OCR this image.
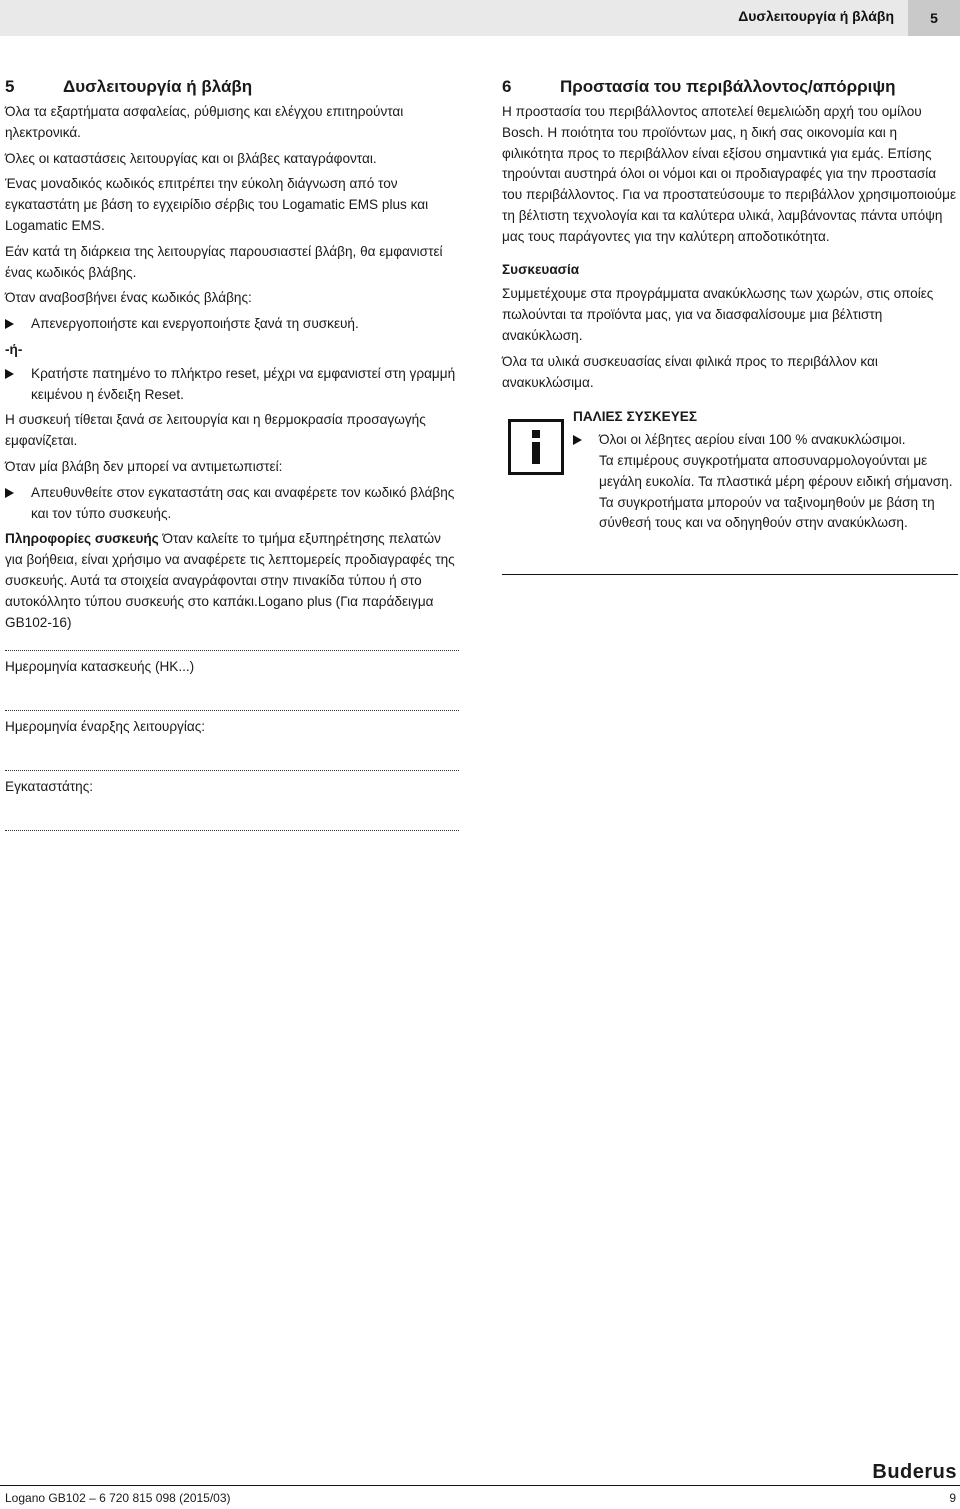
Δυσλειτουργία ή βλάβη	5
5	Δυσλειτουργία ή βλάβη

Όλα τα εξαρτήματα ασφαλείας, ρύθμισης και ελέγχου επιτηρούνται ηλεκτρονικά.

Όλες οι καταστάσεις λειτουργίας και οι βλάβες καταγράφονται.

Ένας μοναδικός κωδικός επιτρέπει την εύκολη διάγνωση από τον εγκαταστάτη με βάση το εγχειρίδιο σέρβις του Logamatic EMS plus και Logamatic EMS.

Εάν κατά τη διάρκεια της λειτουργίας παρουσιαστεί βλάβη, θα εμφανιστεί ένας κωδικός βλάβης.

Όταν αναβοσβήνει ένας κωδικός βλάβης:

Απενεργοποιήστε και ενεργοποιήστε ξανά τη συσκευή.

-ή-

Κρατήστε πατημένο το πλήκτρο reset, μέχρι να εμφανιστεί στη γραμμή κειμένου η ένδειξη Reset.

Η συσκευή τίθεται ξανά σε λειτουργία και η θερμοκρασία προσαγωγής εμφανίζεται.

Όταν μία βλάβη δεν μπορεί να αντιμετωπιστεί:

Απευθυνθείτε στον εγκαταστάτη σας και αναφέρετε τον κωδικό βλάβης και τον τύπο συσκευής.

Πληροφορίες συσκευής Όταν καλείτε το τμήμα εξυπηρέτησης πελατών για βοήθεια, είναι χρήσιμο να αναφέρετε τις λεπτομερείς προδιαγραφές της συσκευής. Αυτά τα στοιχεία αναγράφονται στην πινακίδα τύπου ή στο αυτοκόλλητο τύπου συσκευής στο καπάκι.Logano plus (Για παράδειγμα GB102-16)

Ημερομηνία κατασκευής (HK...)

Ημερομηνία έναρξης λειτουργίας:

Εγκαταστάτης:

6	Προστασία του περιβάλλοντος/απόρριψη

Η προστασία του περιβάλλοντος αποτελεί θεμελιώδη αρχή του ομίλου Bosch. Η ποιότητα του προϊόντων μας, η δική σας οικονομία και η φιλικότητα προς το περιβάλλον είναι εξίσου σημαντικά για εμάς. Επίσης τηρούνται αυστηρά όλοι οι νόμοι και οι προδιαγραφές για την προστασία του περιβάλλοντος. Για να προστατεύσουμε το περιβάλλον χρησιμοποιούμε τη βέλτιστη τεχνολογία και τα καλύτερα υλικά, λαμβάνοντας πάντα υπόψη μας τους παράγοντες για την καλύτερη αποδοτικότητα.

Συσκευασία

Συμμετέχουμε στα προγράμματα ανακύκλωσης των χωρών, στις οποίες πωλούνται τα προϊόντα μας, για να διασφαλίσουμε μια βέλτιστη ανακύκλωση.

Όλα τα υλικά συσκευασίας είναι φιλικά προς το περιβάλλον και ανακυκλώσιμα.

ΠΑΛΙΕΣ ΣΥΣΚΕΥΕΣ

Όλοι οι λέβητες αερίου είναι 100 % ανακυκλώσιμοι.

Τα επιμέρους συγκροτήματα αποσυναρμολογούνται με μεγάλη ευκολία. Τα πλαστικά μέρη φέρουν ειδική σήμανση. Τα συγκροτήματα μπορούν να ταξινομηθούν με βάση τη σύνθεσή τους και να οδηγηθούν στην ανακύκλωση.

Buderus
Logano GB102 – 6 720 815 098 (2015/03)	9
